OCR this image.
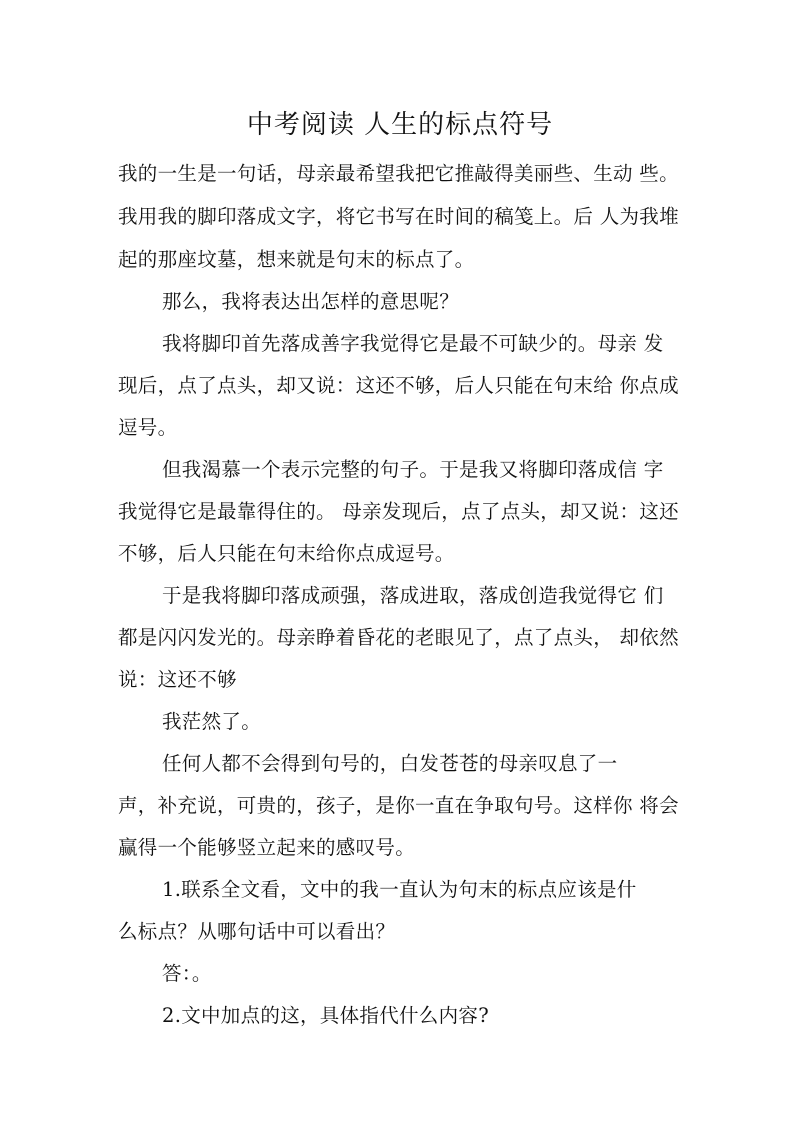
中考阅读 人生的标点符号
我的一生是一句话，母亲最希望我把它推敲得美丽些、生动 些。
我用我的脚印落成文字，将它书写在时间的稿笺上。后 人为我堆
起的那座坟墓，想来就是句末的标点了。
那么，我将表达出怎样的意思呢？
我将脚印首先落成善字我觉得它是最不可缺少的。母亲 发
现后，点了点头，却又说：这还不够，后人只能在句末给 你点成
逗号。
但我渴慕一个表示完整的句子。于是我又将脚印落成信 字
我觉得它是最靠得住的。 母亲发现后，点了点头，却又说：这还
不够，后人只能在句末给你点成逗号。
于是我将脚印落成顽强，落成进取，落成创造我觉得它 们
都是闪闪发光的。母亲睁着昏花的老眼见了，点了点头， 却依然
说：这还不够
我茫然了。
任何人都不会得到句号的，白发苍苍的母亲叹息了一
声，补充说，可贵的，孩子，是你一直在争取句号。这样你 将会
赢得一个能够竖立起来的感叹号。
1.联系全文看，文中的我一直认为句末的标点应该是什
么标点？从哪句话中可以看出？
答：。
2.文中加点的这，具体指代什么内容?
